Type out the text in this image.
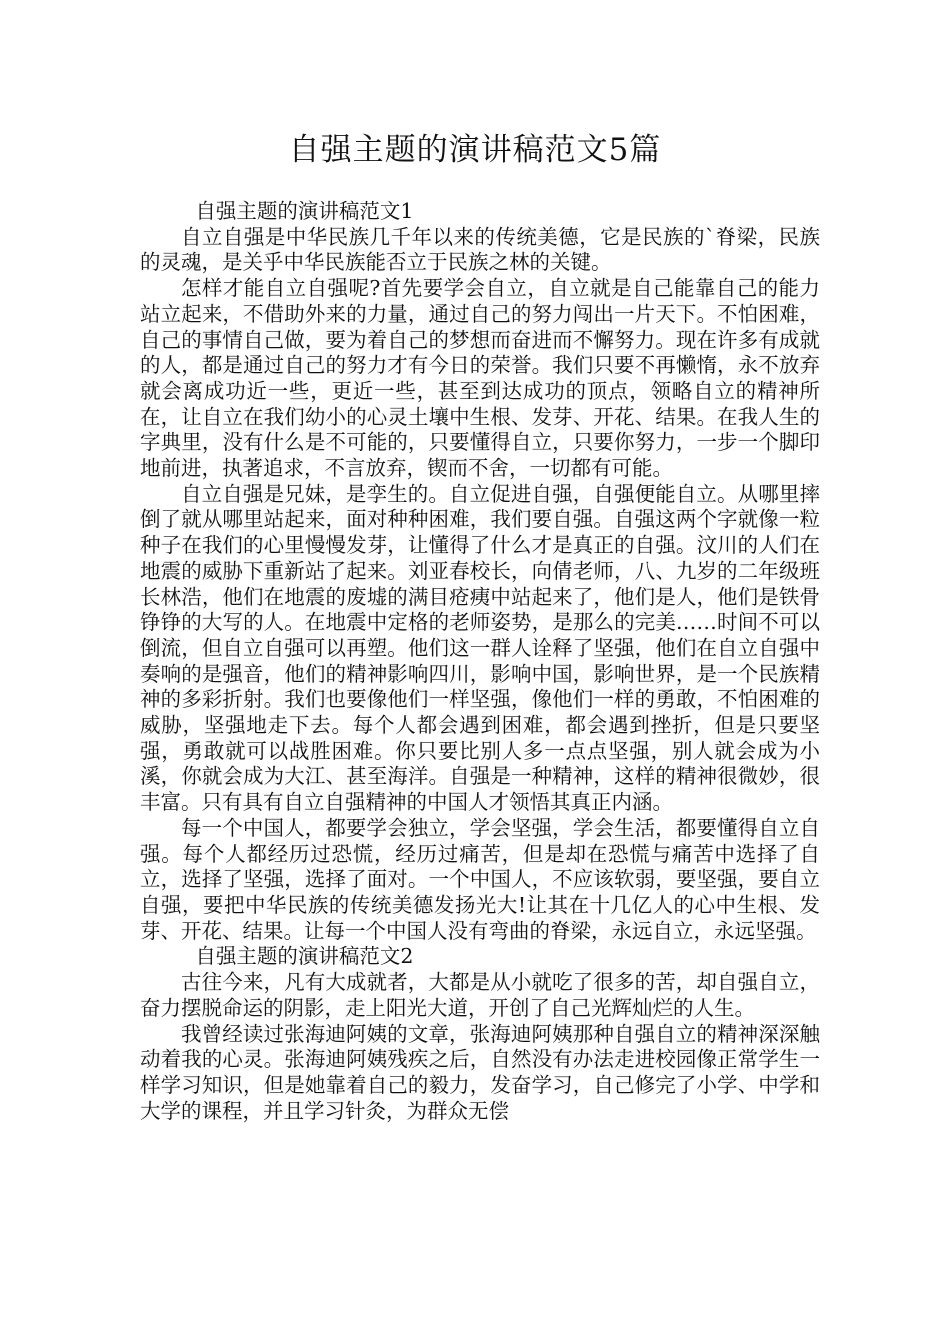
自强主题的演讲稿范文5篇

自强主题的演讲稿范文1

自立自强是中华民族几千年以来的传统美德，它是民族的`脊梁，民族的灵魂，是关乎中华民族能否立于民族之林的关键。

怎样才能自立自强呢?首先要学会自立，自立就是自己能靠自己的能力站立起来，不借助外来的力量，通过自己的努力闯出一片天下。不怕困难，自己的事情自己做，要为着自己的梦想而奋进而不懈努力。现在许多有成就的人，都是通过自己的努力才有今日的荣誉。我们只要不再懒惰，永不放弃就会离成功近一些，更近一些，甚至到达成功的顶点，领略自立的精神所在，让自立在我们幼小的心灵土壤中生根、发芽、开花、结果。在我人生的字典里，没有什么是不可能的，只要懂得自立，只要你努力，一步一个脚印地前进，执著追求，不言放弃，锲而不舍，一切都有可能。

自立自强是兄妹，是孪生的。自立促进自强，自强便能自立。从哪里摔倒了就从哪里站起来，面对种种困难，我们要自强。自强这两个字就像一粒种子在我们的心里慢慢发芽，让懂得了什么才是真正的自强。汶川的人们在地震的威胁下重新站了起来。刘亚春校长，向倩老师，八、九岁的二年级班长林浩，他们在地震的废墟的满目疮痍中站起来了，他们是人，他们是铁骨铮铮的大写的人。在地震中定格的老师姿势，是那么的完美……时间不可以倒流，但自立自强可以再塑。他们这一群人诠释了坚强，他们在自立自强中奏响的是强音，他们的精神影响四川，影响中国，影响世界，是一个民族精神的多彩折射。我们也要像他们一样坚强，像他们一样的勇敢，不怕困难的威胁，坚强地走下去。每个人都会遇到困难，都会遇到挫折，但是只要坚强，勇敢就可以战胜困难。你只要比别人多一点点坚强，别人就会成为小溪，你就会成为大江、甚至海洋。自强是一种精神，这样的精神很微妙，很丰富。只有具有自立自强精神的中国人才领悟其真正内涵。

每一个中国人，都要学会独立，学会坚强，学会生活，都要懂得自立自强。每个人都经历过恐慌，经历过痛苦，但是却在恐慌与痛苦中选择了自立，选择了坚强，选择了面对。一个中国人，不应该软弱，要坚强，要自立自强，要把中华民族的传统美德发扬光大!让其在十几亿人的心中生根、发芽、开花、结果。让每一个中国人没有弯曲的脊梁，永远自立，永远坚强。

自强主题的演讲稿范文2

古往今来，凡有大成就者，大都是从小就吃了很多的苦，却自强自立，奋力摆脱命运的阴影，走上阳光大道，开创了自己光辉灿烂的人生。

我曾经读过张海迪阿姨的文章，张海迪阿姨那种自强自立的精神深深触动着我的心灵。张海迪阿姨残疾之后，自然没有办法走进校园像正常学生一样学习知识，但是她靠着自己的毅力，发奋学习，自己修完了小学、中学和大学的课程，并且学习针灸，为群众无偿
